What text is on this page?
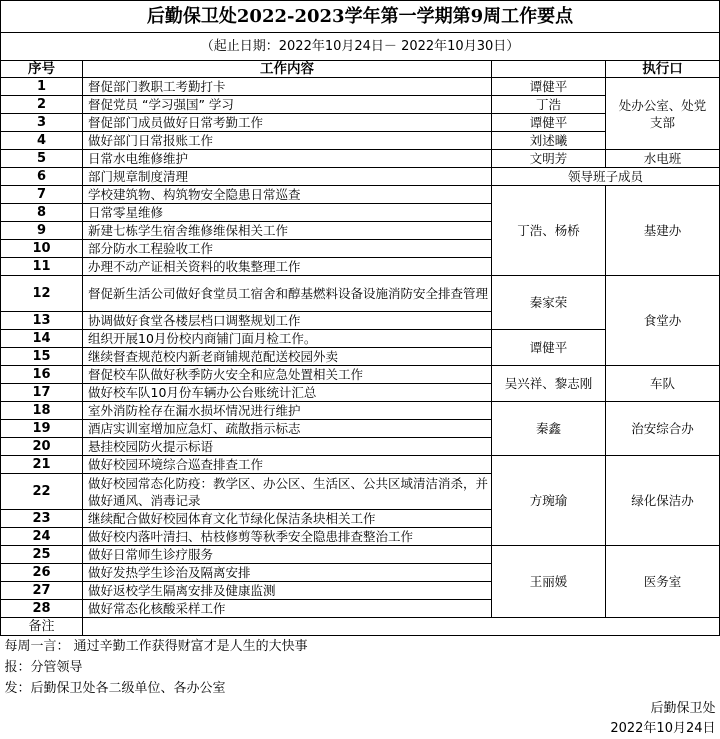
后勤保卫处2022-2023学年第一学期第9周工作要点			
（起止日期：2022年10月24日－ 2022年10月30日）			
序号	工作内容		执行口
1	督促部门教职工考勤打卡	谭健平	处办公室、处党支部
2	督促党员 “学习强国” 学习	丁浩	
3	督促部门成员做好日常考勤工作	谭健平	
4	做好部门日常报账工作	刘述曦	
5	日常水电维修维护	文明芳	水电班
6	部门规章制度清理	领导班子成员	
7	学校建筑物、构筑物安全隐患日常巡查	丁浩、杨桥	基建办
8	日常零星维修		
9	新建七栋学生宿舍维修维保相关工作		
10	部分防水工程验收工作		
11	办理不动产证相关资料的收集整理工作		
12	督促新生活公司做好食堂员工宿舍和醇基燃料设备设施消防安全排查管理	秦家荣	食堂办
13	协调做好食堂各楼层档口调整规划工作		
14	组织开展10月份校内商铺门面月检工作。	谭健平	
15	继续督查规范校内新老商铺规范配送校园外卖		
16	督促校车队做好秋季防火安全和应急处置相关工作	吴兴祥、黎志刚	车队
17	做好校车队10月份车辆办公台账统计汇总		
18	室外消防栓存在漏水损坏情况进行维护	秦鑫	治安综合办
19	酒店实训室增加应急灯、疏散指示标志		
20	悬挂校园防火提示标语		
21	做好校园环境综合巡查排查工作	方琬瑜	绿化保洁办
22	做好校园常态化防疫：教学区、办公区、生活区、公共区域清洁消杀，并做好通风、消毒记录		
23	继续配合做好校园体育文化节绿化保洁条块相关工作		
24	做好校内落叶清扫、枯枝修剪等秋季安全隐患排查整治工作		
25	做好日常师生诊疗服务	王丽媛	医务室
26	做好发热学生诊治及隔离安排		
27	做好返校学生隔离安排及健康监测		
28	做好常态化核酸采样工作		
备注			
每周一言： 通过辛勤工作获得财富才是人生的大快事			
报：分管领导			
发：后勤保卫处各二级单位、各办公室			
后勤保卫处			
2022年10月24日			
